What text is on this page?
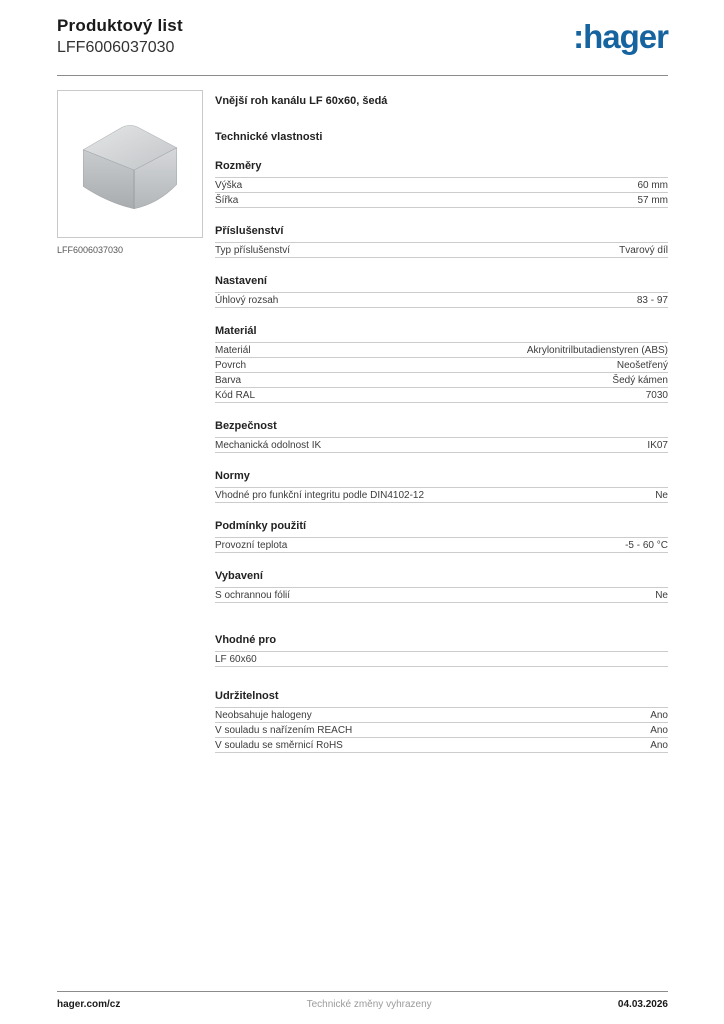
Produktový list
LFF6006037030	:hager
LFF6006037030
Vnější roh kanálu LF 60x60, šedá
Technické vlastnosti
Rozměry
Výška	60 mm
Šířka	57 mm
Příslušenství
Typ příslušenství	Tvarový díl
Nastavení
Úhlový rozsah	83 - 97
Materiál
Materiál	Akrylonitrilbutadienstyren (ABS)
Povrch	Neošetřený
Barva	Šedý kámen
Kód RAL	7030
Bezpečnost
Mechanická odolnost IK	IK07
Normy
Vhodné pro funkční integritu podle DIN4102-12	Ne
Podmínky použití
Provozní teplota	-5 - 60 °C
Vybavení
S ochrannou fólií	Ne
Vhodné pro
LF 60x60
Udržitelnost
Neobsahuje halogeny	Ano
V souladu s nařízením REACH	Ano
V souladu se směrnicí RoHS	Ano
hager.com/cz	Technické změny vyhrazeny	04.03.2026
